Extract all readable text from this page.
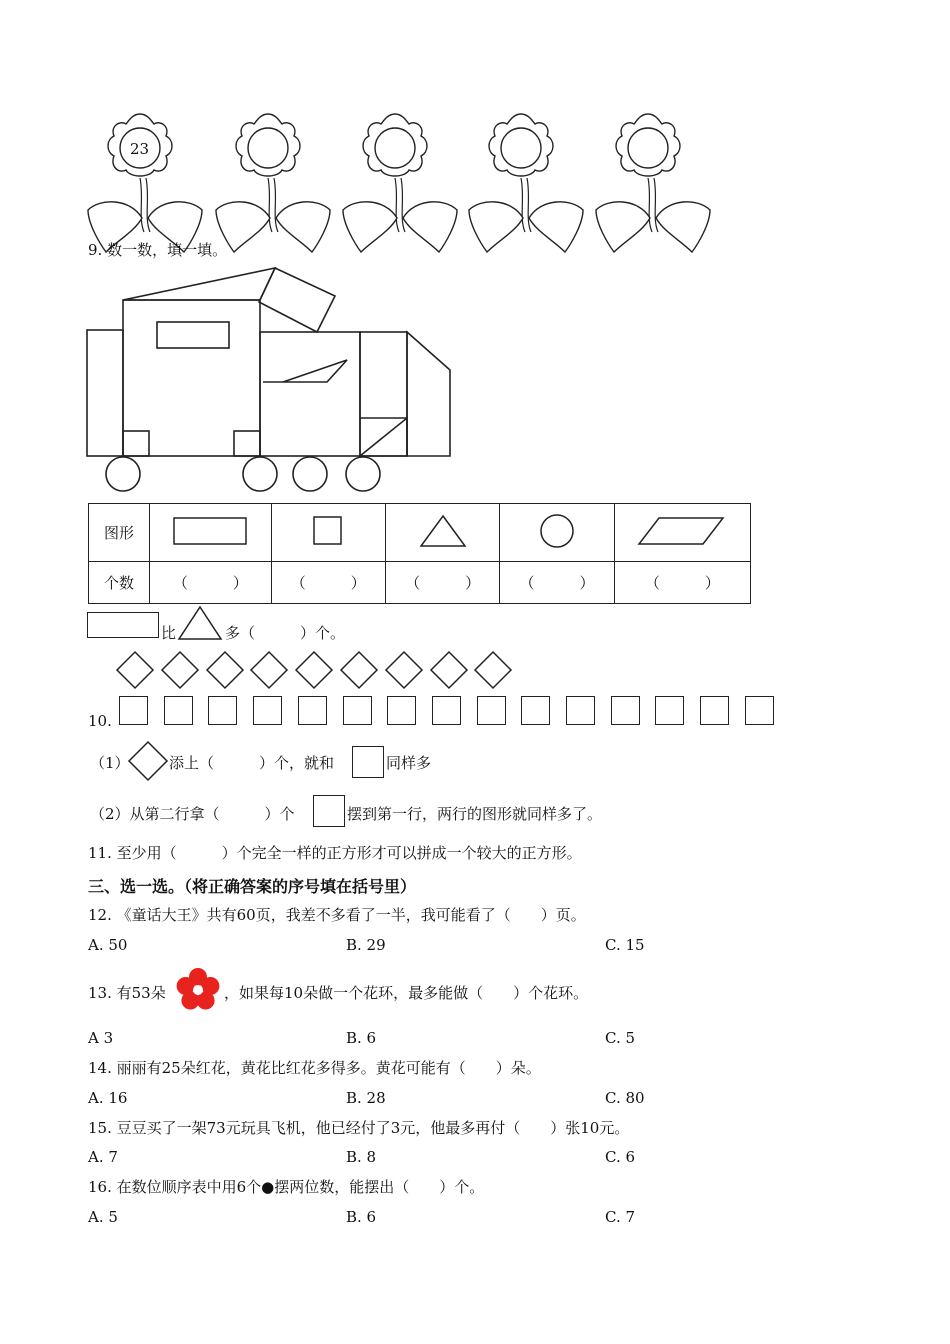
23
9. 数一数，填一填。
图形					
个数	（　　　）	（　　　）	（　　　）	（　　　）	（　　　）
比	多（　　　）个。
10.
（1）	添上（　　　）个，就和	同样多
（2）从第二行拿（　　　）个	摆到第一行，两行的图形就同样多了。
11. 至少用（　　　）个完全一样的正方形才可以拼成一个较大的正方形。
三、选一选。（将正确答案的序号填在括号里）
12. 《童话大王》共有60页，我差不多看了一半，我可能看了（　　）页。
A. 50	B. 29	C. 15
13. 有53朵	，如果每10朵做一个花环，最多能做（　　）个花环。
A 3	B. 6	C. 5
14. 丽丽有25朵红花，黄花比红花多得多。黄花可能有（　　）朵。
A. 16	B. 28	C. 80
15. 豆豆买了一架73元玩具飞机，他已经付了3元，他最多再付（　　）张10元。
A. 7	B. 8	C. 6
16. 在数位顺序表中用6个●摆两位数，能摆出（　　）个。
A. 5	B. 6	C. 7
